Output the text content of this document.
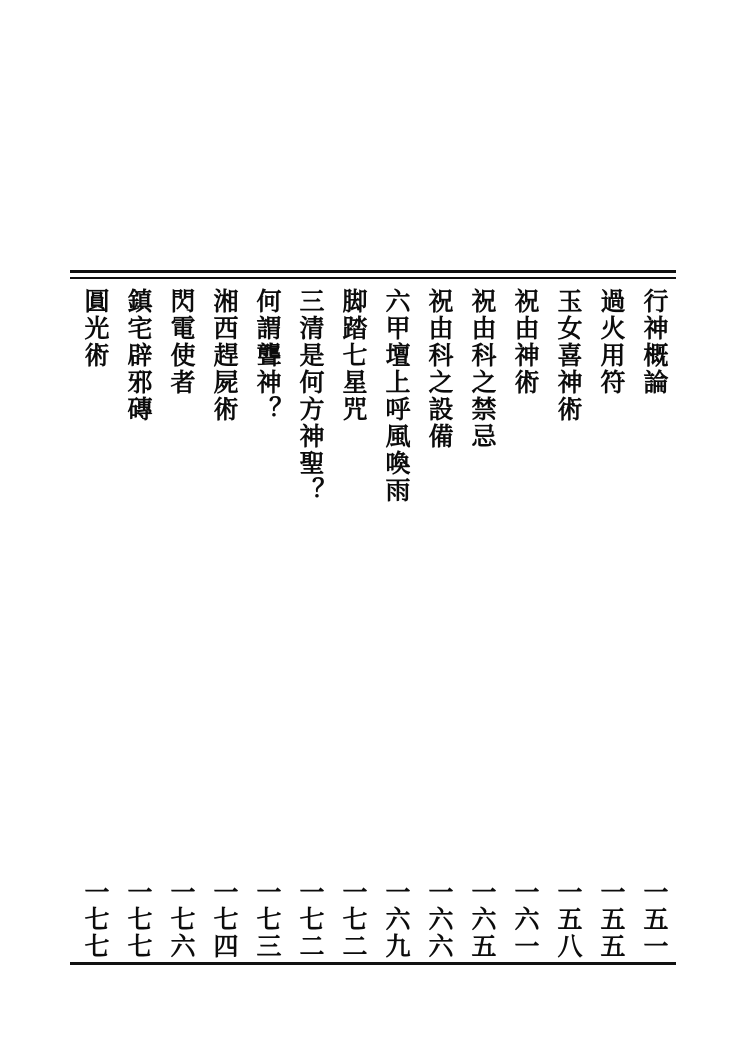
行神概論
一五一
過火用符
一五五
玉女喜神術
一五八
祝由神術
一六一
祝由科之禁忌
一六五
祝由科之設備
一六六
六甲壇上呼風喚雨
一六九
脚踏七星咒
一七二
三清是何方神聖？
一七二
何謂聾神？
一七三
湘西趕屍術
一七四
閃電使者
一七六
鎮宅辟邪磚
一七七
圓光術
一七七
